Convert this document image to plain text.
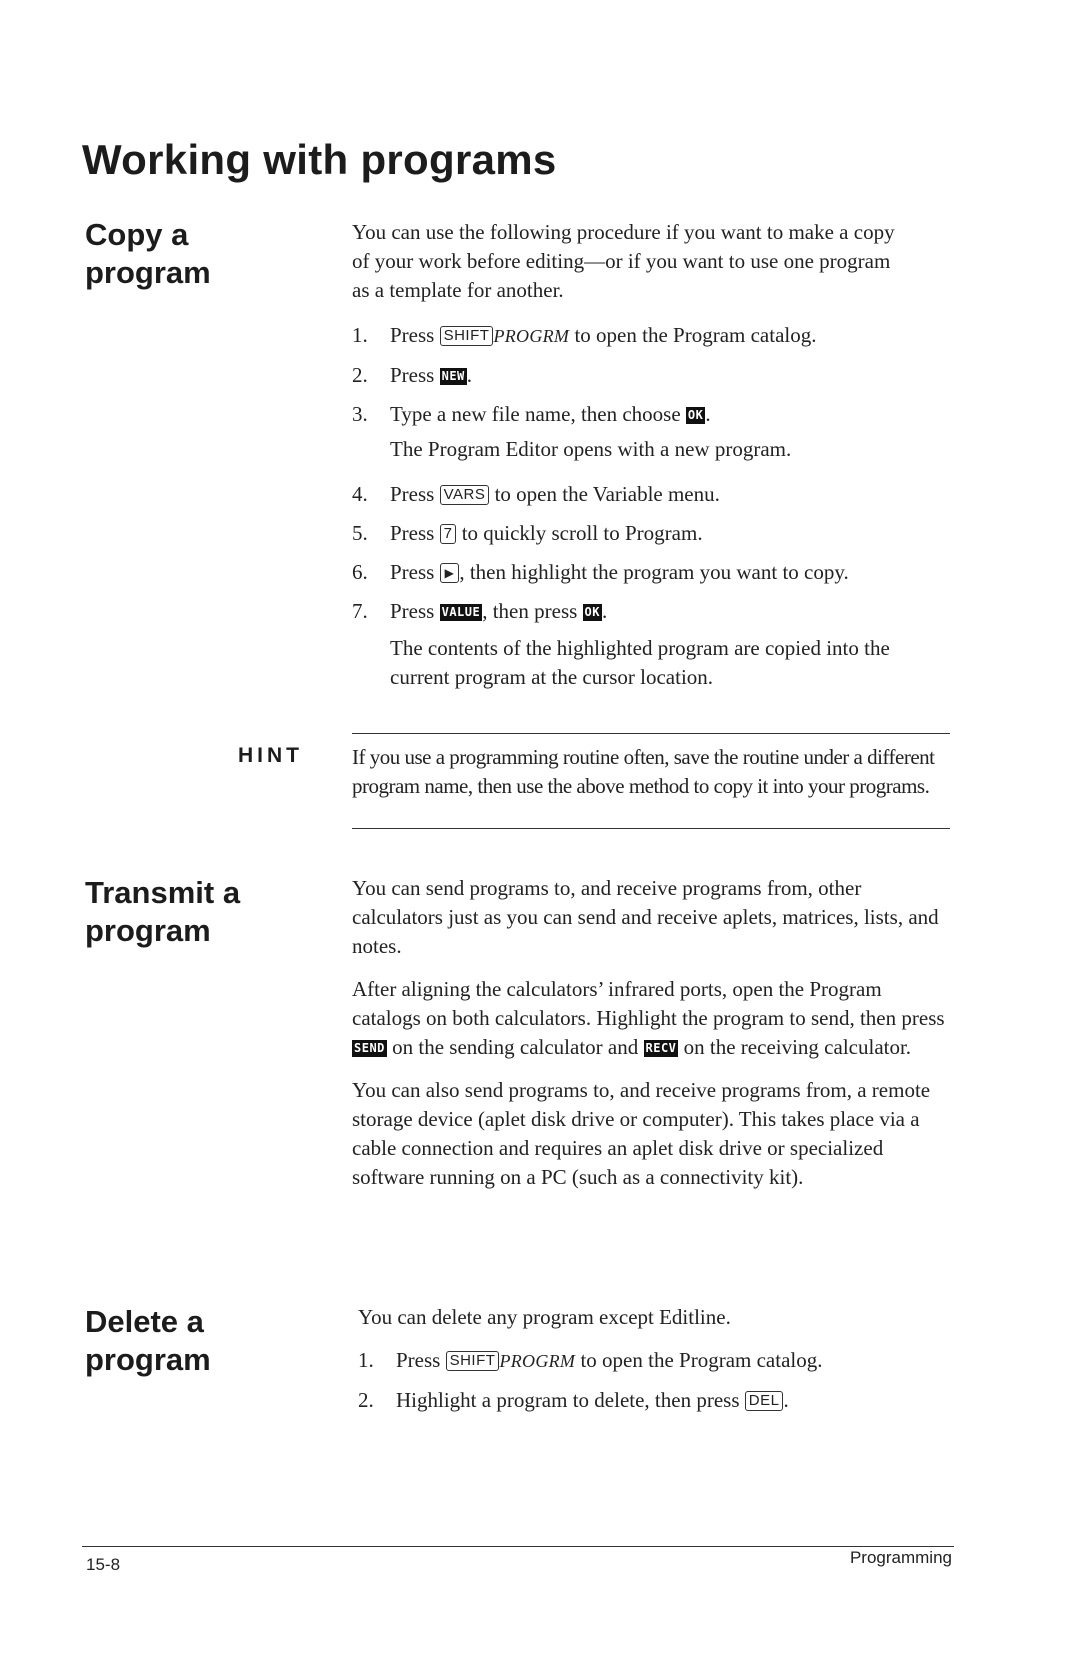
Working with programs
Copy a
program

You can use the following procedure if you want to make a copy of your work before editing—or if you want to use one program as a template for another.

1. Press SHIFT PROGRM to open the Program catalog.
2. Press NEW.
3. Type a new file name, then choose OK.

The Program Editor opens with a new program.

4. Press VARS to open the Variable menu.
5. Press 7 to quickly scroll to Program.
6. Press ▶ , then highlight the program you want to copy.
7. Press VALUE, then press OK.

The contents of the highlighted program are copied into the current program at the cursor location.

HINT If you use a programming routine often, save the routine under a different program name, then use the above method to copy it into your programs.
Transmit a
program

You can send programs to, and receive programs from, other calculators just as you can send and receive aplets, matrices, lists, and notes.

After aligning the calculators’ infrared ports, open the Program catalogs on both calculators. Highlight the program to send, then press SEND on the sending calculator and RECV on the receiving calculator.

You can also send programs to, and receive programs from, a remote storage device (aplet disk drive or computer). This takes place via a cable connection and requires an aplet disk drive or specialized software running on a PC (such as a connectivity kit).

Delete a
program

You can delete any program except Editline.

1. Press SHIFT PROGRM to open the Program catalog.
2. Highlight a program to delete, then press DEL .
15-8	Programming
